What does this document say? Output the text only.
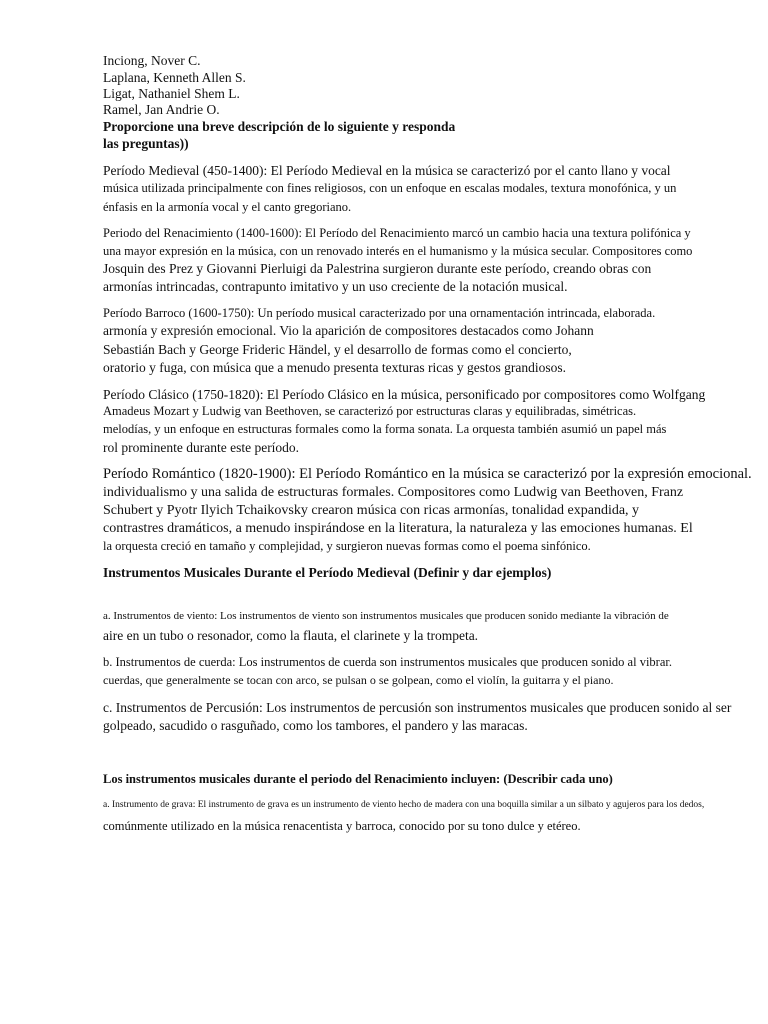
Inciong, Nover C.
Laplana, Kenneth Allen S.
Ligat, Nathaniel Shem L.
Ramel, Jan Andrie O.
Proporcione una breve descripción de lo siguiente y responda
las preguntas))
Período Medieval (450-1400): El Período Medieval en la música se caracterizó por el canto llano y vocal
música utilizada principalmente con fines religiosos, con un enfoque en escalas modales, textura monofónica, y un
énfasis en la armonía vocal y el canto gregoriano.
Periodo del Renacimiento (1400-1600): El Período del Renacimiento marcó un cambio hacia una textura polifónica y
una mayor expresión en la música, con un renovado interés en el humanismo y la música secular. Compositores como
Josquin des Prez y Giovanni Pierluigi da Palestrina surgieron durante este período, creando obras con
armonías intrincadas, contrapunto imitativo y un uso creciente de la notación musical.
Período Barroco (1600-1750): Un período musical caracterizado por una ornamentación intrincada, elaborada.
armonía y expresión emocional. Vio la aparición de compositores destacados como Johann
Sebastián Bach y George Frideric Händel, y el desarrollo de formas como el concierto,
oratorio y fuga, con música que a menudo presenta texturas ricas y gestos grandiosos.
Período Clásico (1750-1820): El Período Clásico en la música, personificado por compositores como Wolfgang
Amadeus Mozart y Ludwig van Beethoven, se caracterizó por estructuras claras y equilibradas, simétricas.
melodías, y un enfoque en estructuras formales como la forma sonata. La orquesta también asumió un papel más
rol prominente durante este período.
Período Romántico (1820-1900): El Período Romántico en la música se caracterizó por la expresión emocional.
individualismo y una salida de estructuras formales. Compositores como Ludwig van Beethoven, Franz
Schubert y Pyotr Ilyich Tchaikovsky crearon música con ricas armonías, tonalidad expandida, y
contrastres dramáticos, a menudo inspirándose en la literatura, la naturaleza y las emociones humanas. El
la orquesta creció en tamaño y complejidad, y surgieron nuevas formas como el poema sinfónico.
Instrumentos Musicales Durante el Período Medieval (Definir y dar ejemplos)
a. Instrumentos de viento: Los instrumentos de viento son instrumentos musicales que producen sonido mediante la vibración de
aire en un tubo o resonador, como la flauta, el clarinete y la trompeta.
b. Instrumentos de cuerda: Los instrumentos de cuerda son instrumentos musicales que producen sonido al vibrar.
cuerdas, que generalmente se tocan con arco, se pulsan o se golpean, como el violín, la guitarra y el piano.
c. Instrumentos de Percusión: Los instrumentos de percusión son instrumentos musicales que producen sonido al ser
golpeado, sacudido o rasguñado, como los tambores, el pandero y las maracas.
Los instrumentos musicales durante el periodo del Renacimiento incluyen: (Describir cada uno)
a. Instrumento de grava: El instrumento de grava es un instrumento de viento hecho de madera con una boquilla similar a un silbato y agujeros para los dedos,
comúnmente utilizado en la música renacentista y barroca, conocido por su tono dulce y etéreo.
